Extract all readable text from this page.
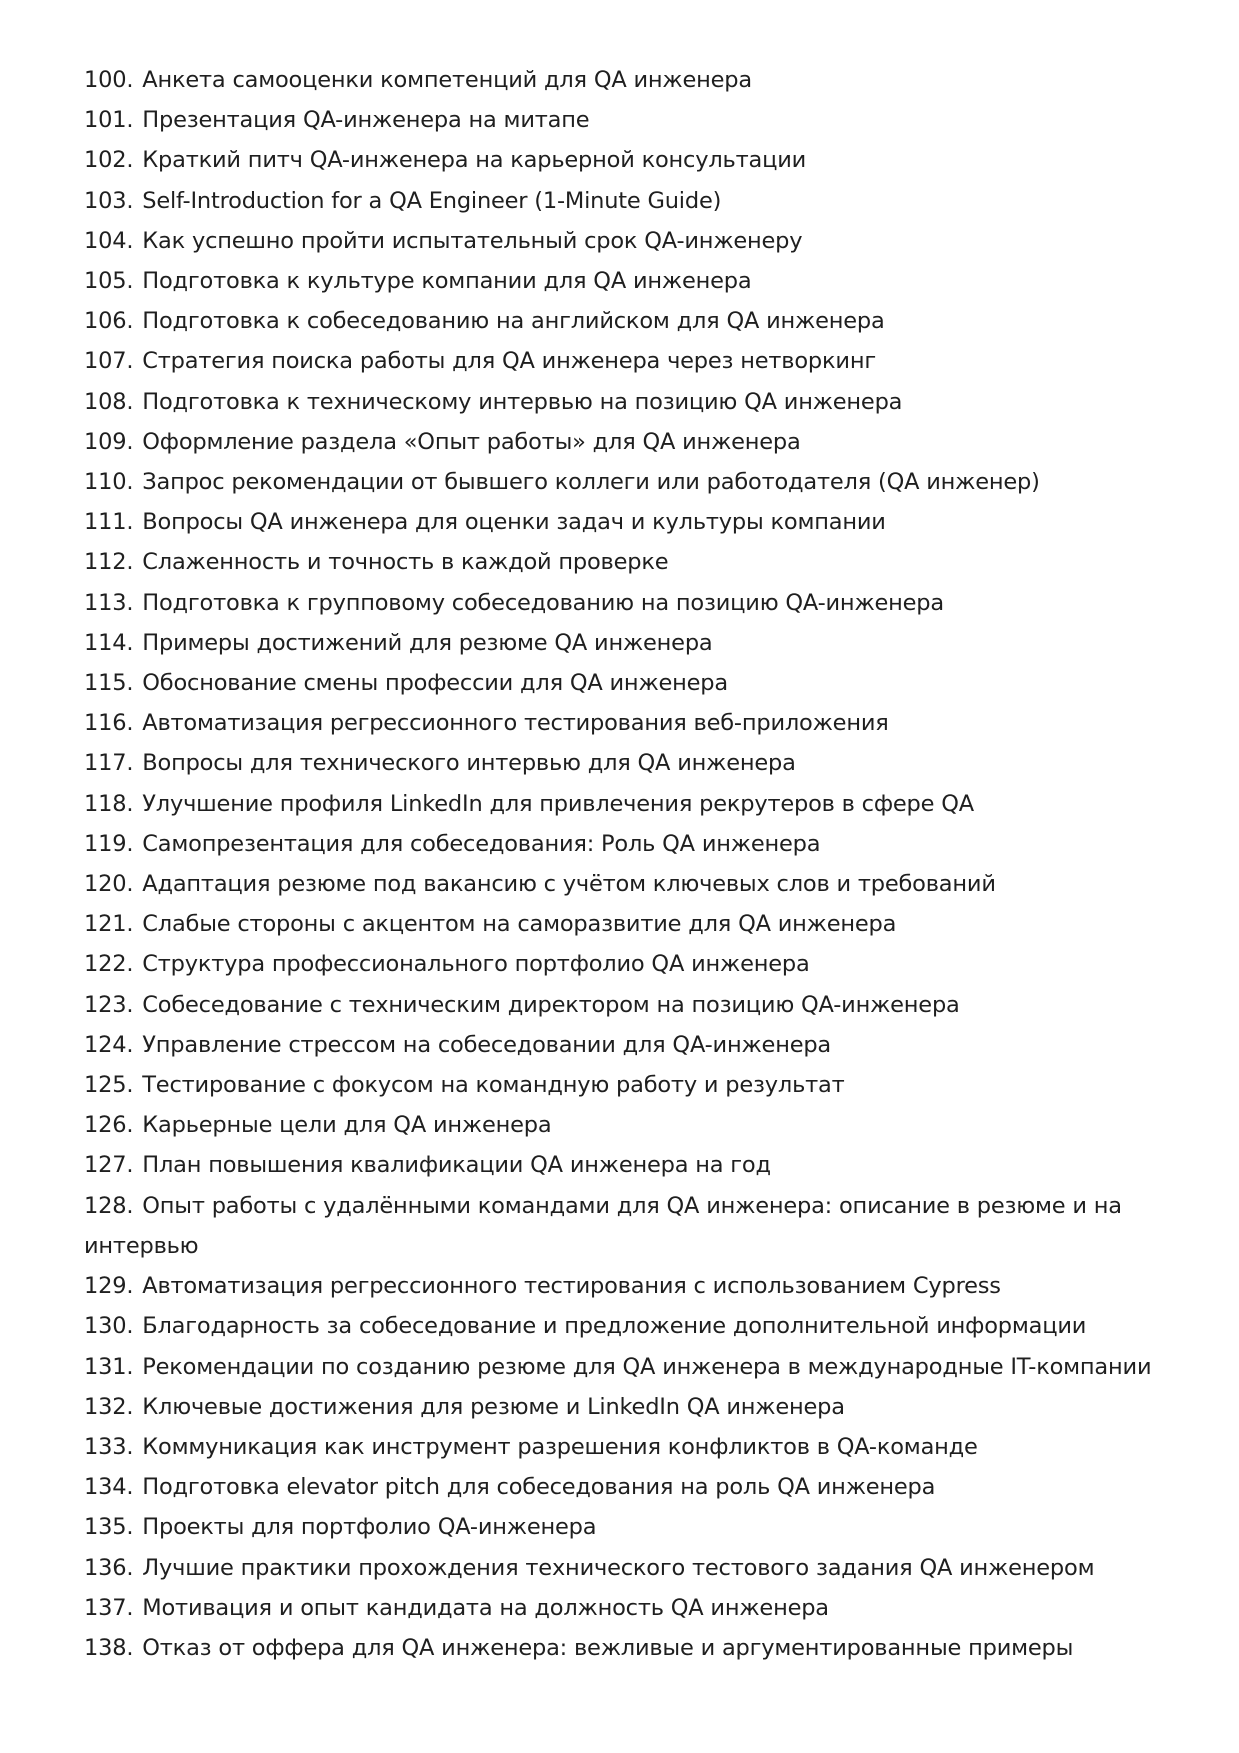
100. Анкета самооценки компетенций для QA инженера
101. Презентация QA-инженера на митапе
102. Краткий питч QA-инженера на карьерной консультации
103. Self-Introduction for a QA Engineer (1-Minute Guide)
104. Как успешно пройти испытательный срок QA-инженеру
105. Подготовка к культуре компании для QA инженера
106. Подготовка к собеседованию на английском для QA инженера
107. Стратегия поиска работы для QA инженера через нетворкинг
108. Подготовка к техническому интервью на позицию QA инженера
109. Оформление раздела «Опыт работы» для QA инженера
110. Запрос рекомендации от бывшего коллеги или работодателя (QA инженер)
111. Вопросы QA инженера для оценки задач и культуры компании
112. Слаженность и точность в каждой проверке
113. Подготовка к групповому собеседованию на позицию QA-инженера
114. Примеры достижений для резюме QA инженера
115. Обоснование смены профессии для QA инженера
116. Автоматизация регрессионного тестирования веб-приложения
117. Вопросы для технического интервью для QA инженера
118. Улучшение профиля LinkedIn для привлечения рекрутеров в сфере QA
119. Самопрезентация для собеседования: Роль QA инженера
120. Адаптация резюме под вакансию с учётом ключевых слов и требований
121. Слабые стороны с акцентом на саморазвитие для QA инженера
122. Структура профессионального портфолио QA инженера
123. Собеседование с техническим директором на позицию QA-инженера
124. Управление стрессом на собеседовании для QA-инженера
125. Тестирование с фокусом на командную работу и результат
126. Карьерные цели для QA инженера
127. План повышения квалификации QA инженера на год
128. Опыт работы с удалёнными командами для QA инженера: описание в резюме и на интервью
129. Автоматизация регрессионного тестирования с использованием Cypress
130. Благодарность за собеседование и предложение дополнительной информации
131. Рекомендации по созданию резюме для QA инженера в международные IT-компании
132. Ключевые достижения для резюме и LinkedIn QA инженера
133. Коммуникация как инструмент разрешения конфликтов в QA-команде
134. Подготовка elevator pitch для собеседования на роль QA инженера
135. Проекты для портфолио QA-инженера
136. Лучшие практики прохождения технического тестового задания QA инженером
137. Мотивация и опыт кандидата на должность QA инженера
138. Отказ от оффера для QA инженера: вежливые и аргументированные примеры
